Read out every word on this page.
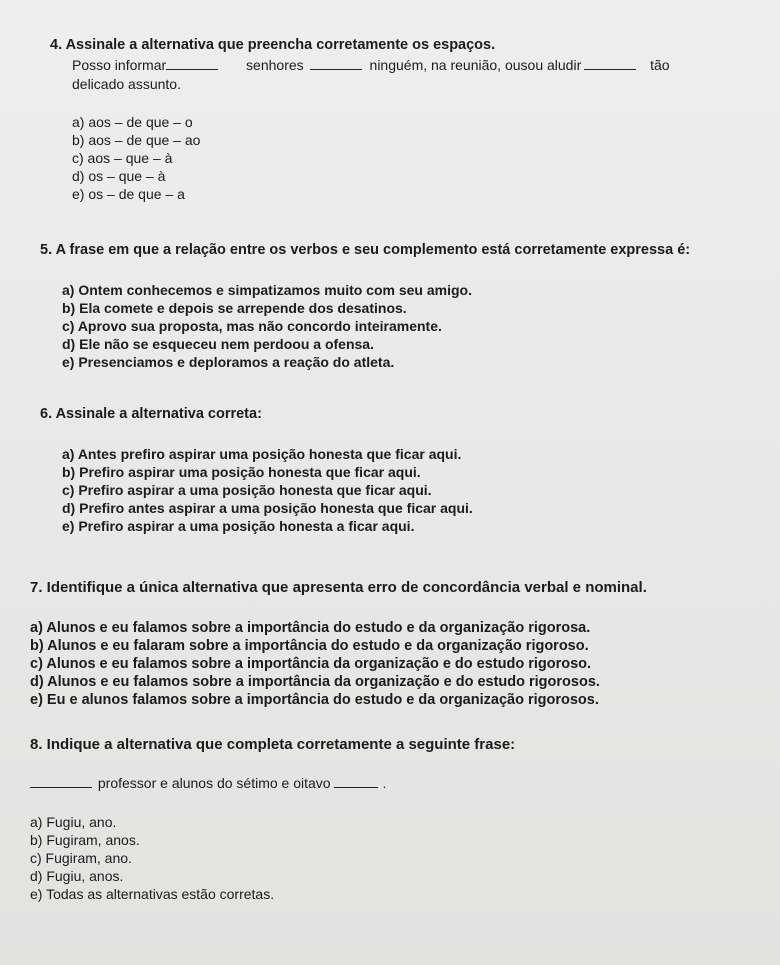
4. Assinale a alternativa que preencha corretamente os espaços.
Posso informar	senhores	ninguém, na reunião, ousou aludir	tão
delicado assunto.
a) aos – de que – o
b) aos – de que – ao
c) aos – que – à
d) os – que – à
e) os – de que – a
5. A frase em que a relação entre os verbos e seu complemento está corretamente expressa é:
a) Ontem conhecemos e simpatizamos muito com seu amigo.
b) Ela comete e depois se arrepende dos desatinos.
c) Aprovo sua proposta, mas não concordo inteiramente.
d) Ele não se esqueceu nem perdoou a ofensa.
e) Presenciamos e deploramos a reação do atleta.
6. Assinale a alternativa correta:
a) Antes prefiro aspirar uma posição honesta que ficar aqui.
b) Prefiro aspirar uma posição honesta que ficar aqui.
c) Prefiro aspirar a uma posição honesta que ficar aqui.
d) Prefiro antes aspirar a uma posição honesta que ficar aqui.
e) Prefiro aspirar a uma posição honesta a ficar aqui.
7. Identifique a única alternativa que apresenta erro de concordância verbal e nominal.
a) Alunos e eu falamos sobre a importância do estudo e da organização rigorosa.
b) Alunos e eu falaram sobre a importância do estudo e da organização rigoroso.
c) Alunos e eu falamos sobre a importância da organização e do estudo rigoroso.
d) Alunos e eu falamos sobre a importância da organização e do estudo rigorosos.
e) Eu e alunos falamos sobre a importância do estudo e da organização rigorosos.
8. Indique a alternativa que completa corretamente a seguinte frase:
professor e alunos do sétimo e oitavo	.
a) Fugiu, ano.
b) Fugiram, anos.
c) Fugiram, ano.
d) Fugiu, anos.
e) Todas as alternativas estão corretas.
